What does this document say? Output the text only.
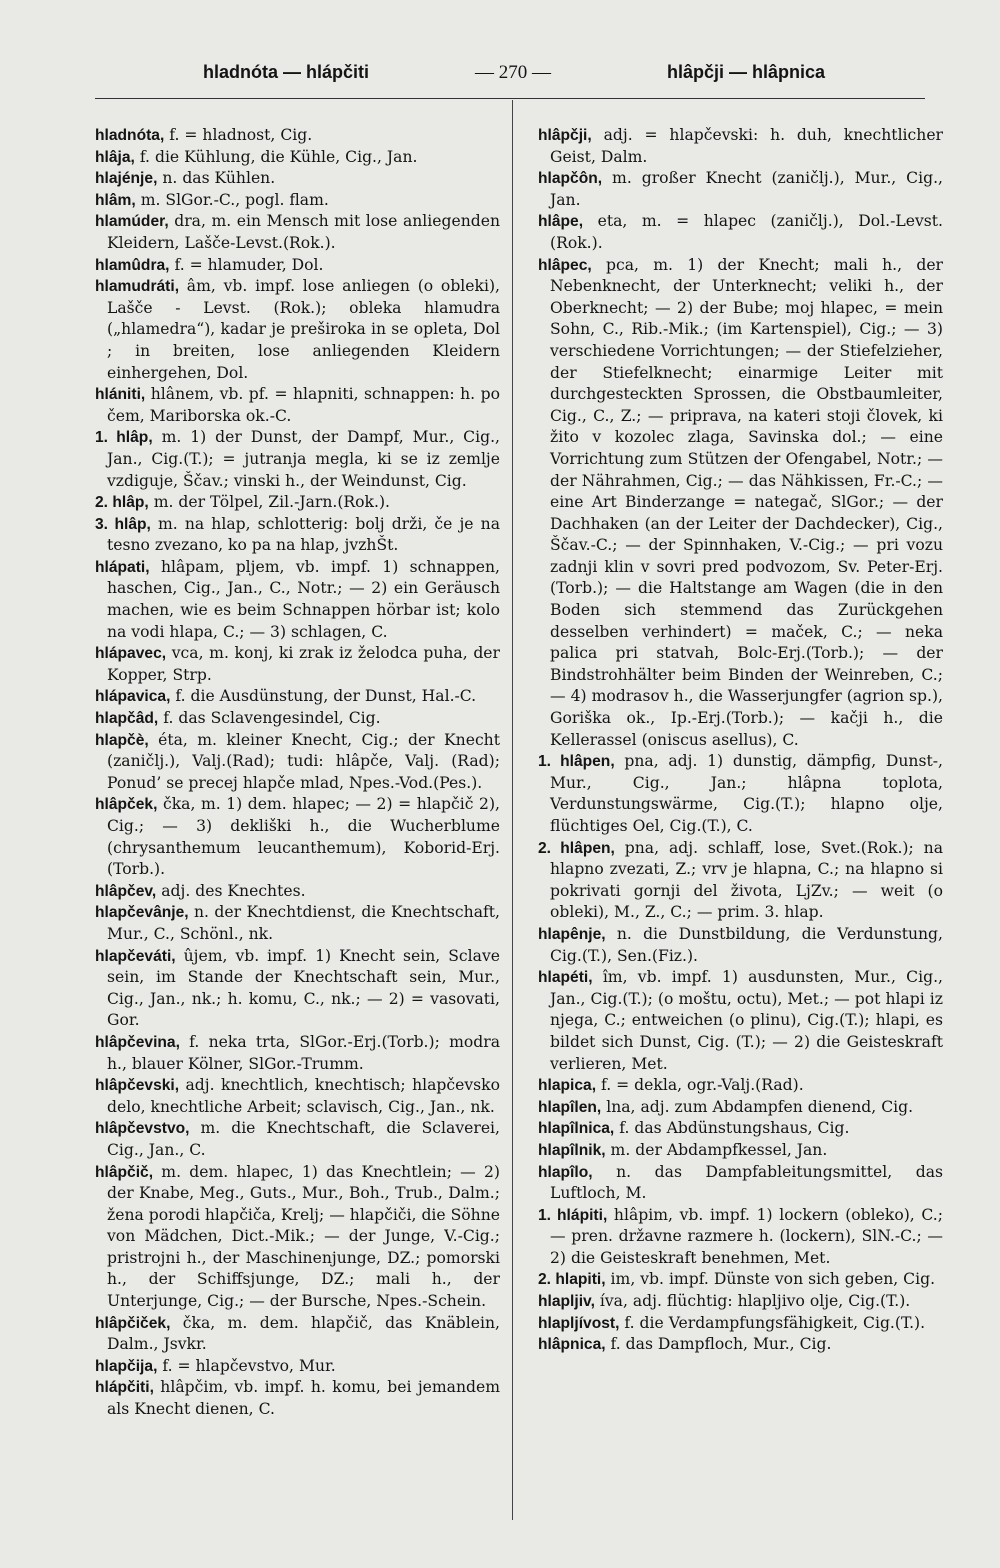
hladnóta — hlápčiti	— 270 —	hlâpčji — hlâpnica

hladnóta, f. = hladnost, Cig.

hlâja, f. die Kühlung, die Kühle, Cig., Jan.

hlajénje, n. das Kühlen.

hlâm, m. SlGor.-C., pogl. flam.

hlamúder, dra, m. ein Mensch mit lose anliegenden Kleidern, Lašče-Levst.(Rok.).

hlamûdra, f. = hlamuder, Dol.

hlamudráti, âm, vb. impf. lose anliegen (o obleki), Lašče - Levst. (Rok.); obleka hlamudra („hlamedra“), kadar je preširoka in se opleta, Dol ; in breiten, lose anliegenden Kleidern einhergehen, Dol.

hlániti, hlânem, vb. pf. = hlapniti, schnappen: h. po čem, Mariborska ok.-C.

1. hlâp, m. 1) der Dunst, der Dampf, Mur., Cig., Jan., Cig.(T.); = jutranja megla, ki se iz zemlje vzdiguje, Ščav.; vinski h., der Weindunst, Cig.

2. hlâp, m. der Tölpel, Zil.-Jarn.(Rok.).

3. hlâp, m. na hlap, schlotterig: bolj drži, če je na tesno zvezano, ko pa na hlap, jvzhŠt.

hlápati, hlâpam, pljem, vb. impf. 1) schnappen, haschen, Cig., Jan., C., Notr.; — 2) ein Geräusch machen, wie es beim Schnappen hörbar ist; kolo na vodi hlapa, C.; — 3) schlagen, C.

hlápavec, vca, m. konj, ki zrak iz želodca puha, der Kopper, Strp.

hlápavica, f. die Ausdünstung, der Dunst, Hal.-C.

hlapčâd, f. das Sclavengesindel, Cig.

hlapčè, éta, m. kleiner Knecht, Cig.; der Knecht (zaničlj.), Valj.(Rad); tudi: hlâpče, Valj. (Rad); Ponud’ se precej hlapče mlad, Npes.-Vod.(Pes.).

hlâpček, čka, m. 1) dem. hlapec; — 2) = hlapčič 2), Cig.; — 3) dekliški h., die Wucherblume (chrysanthemum leucanthemum), Koborid-Erj.(Torb.).

hlâpčev, adj. des Knechtes.

hlapčevânje, n. der Knechtdienst, die Knechtschaft, Mur., C., Schönl., nk.

hlapčeváti, ûjem, vb. impf. 1) Knecht sein, Sclave sein, im Stande der Knechtschaft sein, Mur., Cig., Jan., nk.; h. komu, C., nk.; — 2) = vasovati, Gor.

hlâpčevina, f. neka trta, SlGor.-Erj.(Torb.); modra h., blauer Kölner, SlGor.-Trumm.

hlâpčevski, adj. knechtlich, knechtisch; hlapčevsko delo, knechtliche Arbeit; sclavisch, Cig., Jan., nk.

hlâpčevstvo, m. die Knechtschaft, die Sclaverei, Cig., Jan., C.

hlâpčič, m. dem. hlapec, 1) das Knechtlein; — 2) der Knabe, Meg., Guts., Mur., Boh., Trub., Dalm.; žena porodi hlapčiča, Krelj; — hlapčiči, die Söhne von Mädchen, Dict.-Mik.; — der Junge, V.-Cig.; pristrojni h., der Maschinenjunge, DZ.; pomorski h., der Schiffsjunge, DZ.; mali h., der Unterjunge, Cig.; — der Bursche, Npes.-Schein.

hlâpčiček, čka, m. dem. hlapčič, das Knäblein, Dalm., Jsvkr.

hlapčija, f. = hlapčevstvo, Mur.

hlápčiti, hlâpčim, vb. impf. h. komu, bei jemandem als Knecht dienen, C.

hlâpčji, adj. = hlapčevski: h. duh, knechtlicher Geist, Dalm.

hlapčôn, m. großer Knecht (zaničlj.), Mur., Cig., Jan.

hlâpe, eta, m. = hlapec (zaničlj.), Dol.-Levst. (Rok.).

hlâpec, pca, m. 1) der Knecht; mali h., der Nebenknecht, der Unterknecht; veliki h., der Oberknecht; — 2) der Bube; moj hlapec, = mein Sohn, C., Rib.-Mik.; (im Kartenspiel), Cig.; — 3) verschiedene Vorrichtungen; — der Stiefelzieher, der Stiefelknecht; einarmige Leiter mit durchgesteckten Sprossen, die Obstbaumleiter, Cig., C., Z.; — priprava, na kateri stoji človek, ki žito v kozolec zlaga, Savinska dol.; — eine Vorrichtung zum Stützen der Ofengabel, Notr.; — der Nährahmen, Cig.; — das Nähkissen, Fr.-C.; — eine Art Binderzange = nategač, SlGor.; — der Dachhaken (an der Leiter der Dachdecker), Cig., Ščav.-C.; — der Spinnhaken, V.-Cig.; — pri vozu zadnji klin v sovri pred podvozom, Sv. Peter-Erj.(Torb.); — die Haltstange am Wagen (die in den Boden sich stemmend das Zurückgehen desselben verhindert) = maček, C.; — neka palica pri statvah, Bolc-Erj.(Torb.); — der Bindstrohhälter beim Binden der Weinreben, C.; — 4) modrasov h., die Wasserjungfer (agrion sp.), Goriška ok., Ip.-Erj.(Torb.); — kačji h., die Kellerassel (oniscus asellus), C.

1. hlâpen, pna, adj. 1) dunstig, dämpfig, Dunst-, Mur., Cig., Jan.; hlâpna toplota, Verdunstungswärme, Cig.(T.); hlapno olje, flüchtiges Oel, Cig.(T.), C.

2. hlâpen, pna, adj. schlaff, lose, Svet.(Rok.); na hlapno zvezati, Z.; vrv je hlapna, C.; na hlapno si pokrivati gornji del života, LjZv.; — weit (o obleki), M., Z., C.; — prim. 3. hlap.

hlapênje, n. die Dunstbildung, die Verdunstung, Cig.(T.), Sen.(Fiz.).

hlapéti, îm, vb. impf. 1) ausdunsten, Mur., Cig., Jan., Cig.(T.); (o moštu, octu), Met.; — pot hlapi iz njega, C.; entweichen (o plinu), Cig.(T.); hlapi, es bildet sich Dunst, Cig. (T.); — 2) die Geisteskraft verlieren, Met.

hlapica, f. = dekla, ogr.-Valj.(Rad).

hlapîlen, lna, adj. zum Abdampfen dienend, Cig.

hlapîlnica, f. das Abdünstungshaus, Cig.

hlapîlnik, m. der Abdampfkessel, Jan.

hlapîlo, n. das Dampfableitungsmittel, das Luftloch, M.

1. hlápiti, hlâpim, vb. impf. 1) lockern (obleko), C.; — pren. državne razmere h. (lockern), SlN.-C.; — 2) die Geisteskraft benehmen, Met.

2. hlapiti, im, vb. impf. Dünste von sich geben, Cig.

hlapljiv, íva, adj. flüchtig: hlapljivo olje, Cig.(T.).

hlapljívost, f. die Verdampfungsfähigkeit, Cig.(T.).

hlâpnica, f. das Dampfloch, Mur., Cig.
